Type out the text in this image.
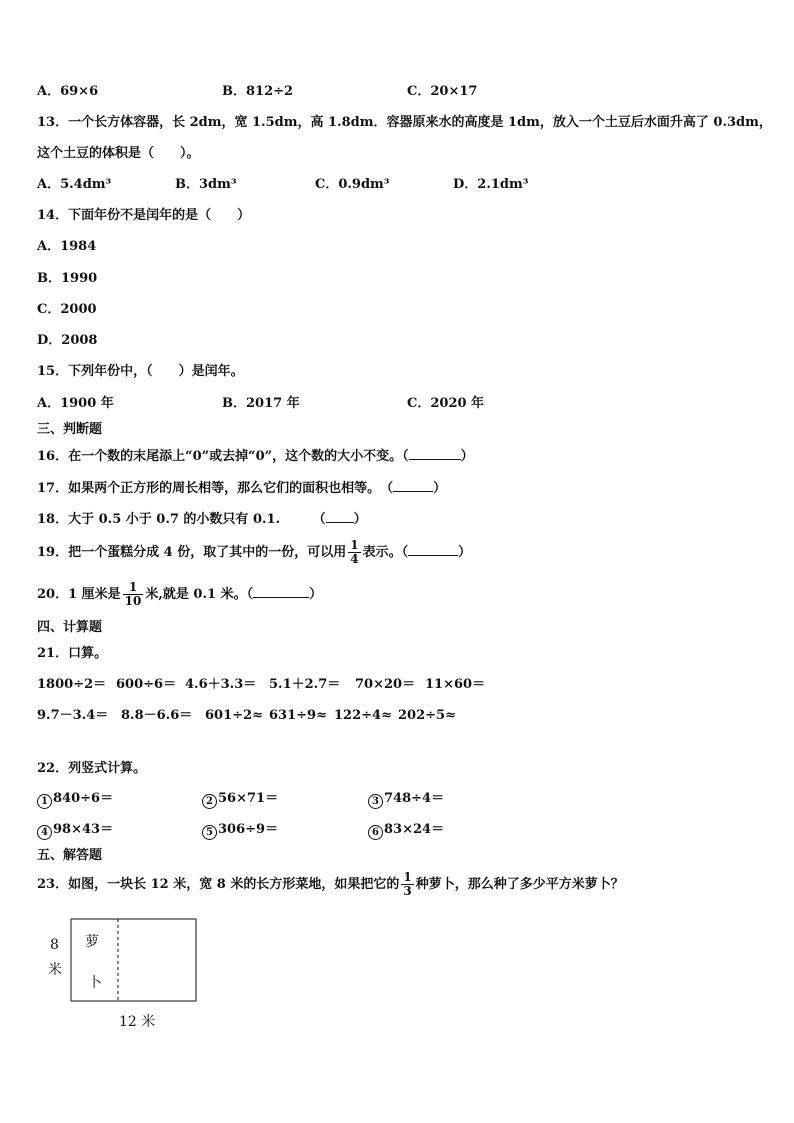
A．69×6	B．812÷2	C．20×17
13．一个长方体容器，长 2dm，宽 1.5dm，高 1.8dm．容器原来水的高度是 1dm，放入一个土豆后水面升高了 0.3dm，
这个土豆的体积是（　　）。
A．5.4dm³	B．3dm³	C．0.9dm³	D．2.1dm³
14．下面年份不是闰年的是（　　）
A．1984
B．1990
C．2000
D．2008
15．下列年份中，（　　）是闰年。
A．1900 年	B．2017 年	C．2020 年
三、判断题
16．在一个数的末尾添上“0”或去掉“0”，这个数的大小不变。（	）
17．如果两个正方形的周长相等，那么它们的面积也相等。　（	）
18．大于 0.5 小于 0.7 的小数只有 0.1.　　　（ ）
19．把一个蛋糕分成 4 份，取了其中的一份，可以用 $\frac{1}{4}$ 表示。（	）
20．1 厘米是 $\frac{1}{10}$ 米,就是 0.1 米。（	）
四、计算题
21．口算。
1800÷2＝ 600÷6＝ 4.6＋3.3＝ 5.1＋2.7＝ 70×20＝ 11×60＝
9.7－3.4＝ 8.8－6.6＝ 601÷2≈ 631÷9≈ 122÷4≈ 202÷5≈
22．列竖式计算。
1 840÷6＝	2 56×71＝	3 748÷4＝
4 98×43＝	5 306÷9＝	6 83×24＝
五、解答题
23．如图，一块长 12 米，宽 8 米的长方形菜地，如果把它的 $\frac{1}{3}$ 种萝卜，那么种了多少平方米萝卜？
8
米
萝
卜
12 米
